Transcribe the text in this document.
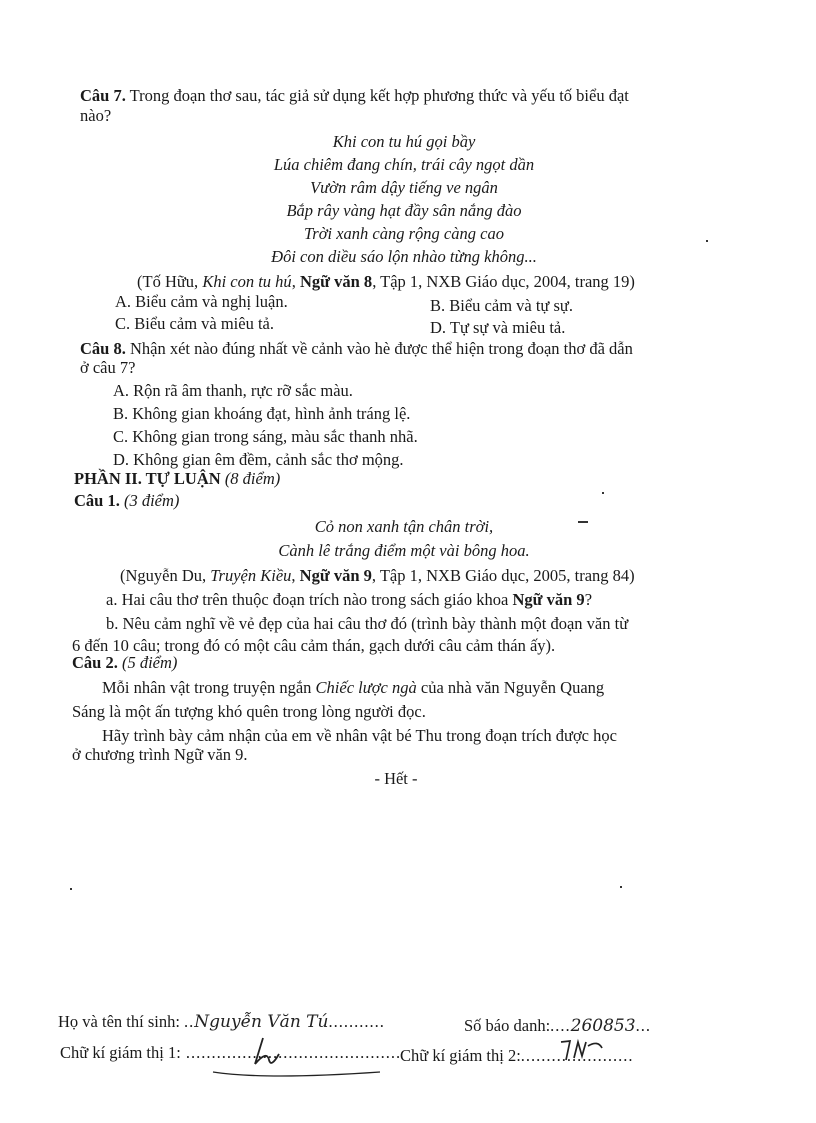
Câu 7. Trong đoạn thơ sau, tác giả sử dụng kết hợp phương thức và yếu tố biểu đạt
nào?
Khi con tu hú gọi bầy
Lúa chiêm đang chín, trái cây ngọt dần
Vườn râm dậy tiếng ve ngân
Bắp rây vàng hạt đầy sân nắng đào
Trời xanh càng rộng càng cao
Đôi con diều sáo lộn nhào từng không...
(Tố Hữu, Khi con tu hú, Ngữ văn 8, Tập 1, NXB Giáo dục, 2004, trang 19)
A. Biểu cảm và nghị luận.	B. Biểu cảm và tự sự.
C. Biểu cảm và miêu tả.	D. Tự sự và miêu tả.
Câu 8. Nhận xét nào đúng nhất về cảnh vào hè được thể hiện trong đoạn thơ đã dẫn
ở câu 7?
A. Rộn rã âm thanh, rực rỡ sắc màu.
B. Không gian khoáng đạt, hình ảnh tráng lệ.
C. Không gian trong sáng, màu sắc thanh nhã.
D. Không gian êm đềm, cảnh sắc thơ mộng.
PHẦN II. TỰ LUẬN (8 điểm)
Câu 1. (3 điểm)
Cỏ non xanh tận chân trời,
Cành lê trắng điểm một vài bông hoa.
(Nguyễn Du, Truyện Kiều, Ngữ văn 9, Tập 1, NXB Giáo dục, 2005, trang 84)
a. Hai câu thơ trên thuộc đoạn trích nào trong sách giáo khoa Ngữ văn 9?
b. Nêu cảm nghĩ về vẻ đẹp của hai câu thơ đó (trình bày thành một đoạn văn từ
6 đến 10 câu; trong đó có một câu cảm thán, gạch dưới câu cảm thán ấy).
Câu 2. (5 điểm)
Mỗi nhân vật trong truyện ngắn Chiếc lược ngà của nhà văn Nguyễn Quang
Sáng là một ấn tượng khó quên trong lòng người đọc.
Hãy trình bày cảm nhận của em về nhân vật bé Thu trong đoạn trích được học
ở chương trình Ngữ văn 9.
- Hết -
Họ và tên thí sinh: ..Nguyễn Văn Tú...........	Số báo danh:....260853...
Chữ kí giám thị 1: ..........................................
Chữ kí giám thị 2:......................
